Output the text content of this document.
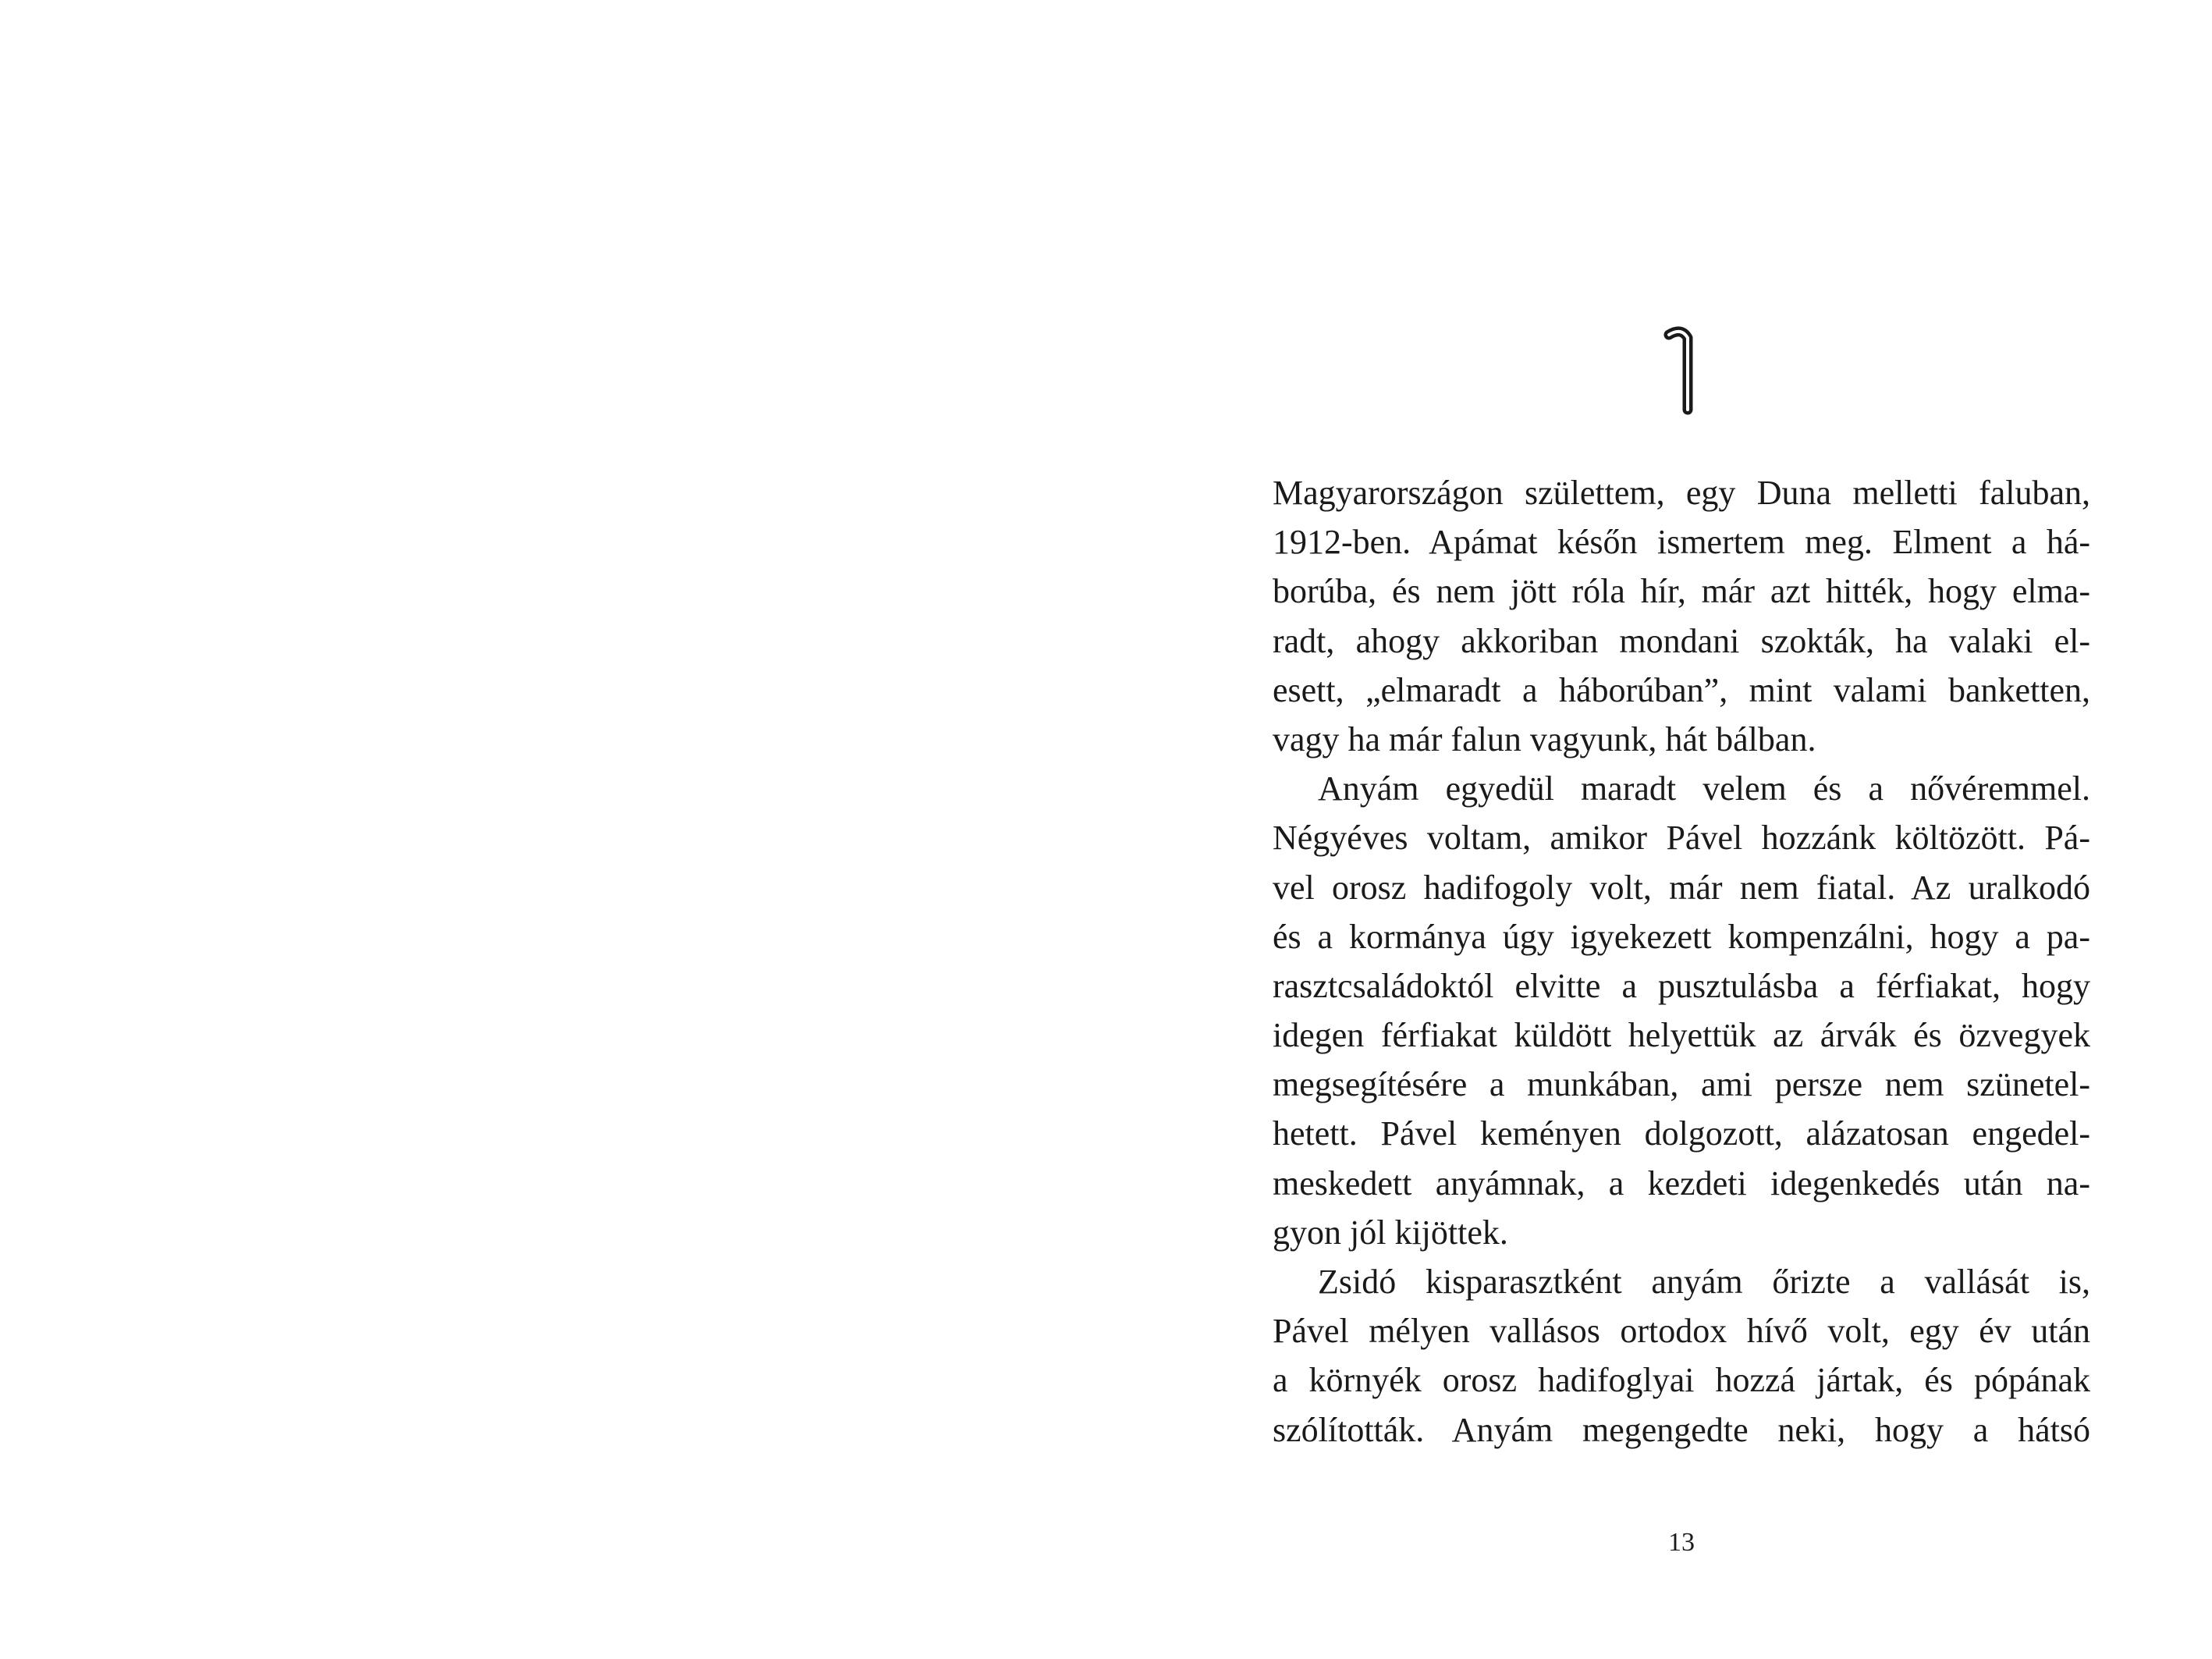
Magyarországon születtem, egy Duna melletti faluban,
1912-ben. Apámat későn ismertem meg. Elment a há-
borúba, és nem jött róla hír, már azt hitték, hogy elma-
radt, ahogy akkoriban mondani szokták, ha valaki el-
esett, „elmaradt a háborúban”, mint valami banketten,
vagy ha már falun vagyunk, hát bálban.
Anyám egyedül maradt velem és a nővéremmel.
Négyéves voltam, amikor Pável hozzánk költözött. Pá-
vel orosz hadifogoly volt, már nem fiatal. Az uralkodó
és a kormánya úgy igyekezett kompenzálni, hogy a pa-
rasztcsaládoktól elvitte a pusztulásba a férfiakat, hogy
idegen férfiakat küldött helyettük az árvák és özvegyek
megsegítésére a munkában, ami persze nem szünetel-
hetett. Pável keményen dolgozott, alázatosan engedel-
meskedett anyámnak, a kezdeti idegenkedés után na-
gyon jól kijöttek.
Zsidó kisparasztként anyám őrizte a vallását is,
Pável mélyen vallásos ortodox hívő volt, egy év után
a környék orosz hadifoglyai hozzá jártak, és pópának
szólították. Anyám megengedte neki, hogy a hátsó
13
